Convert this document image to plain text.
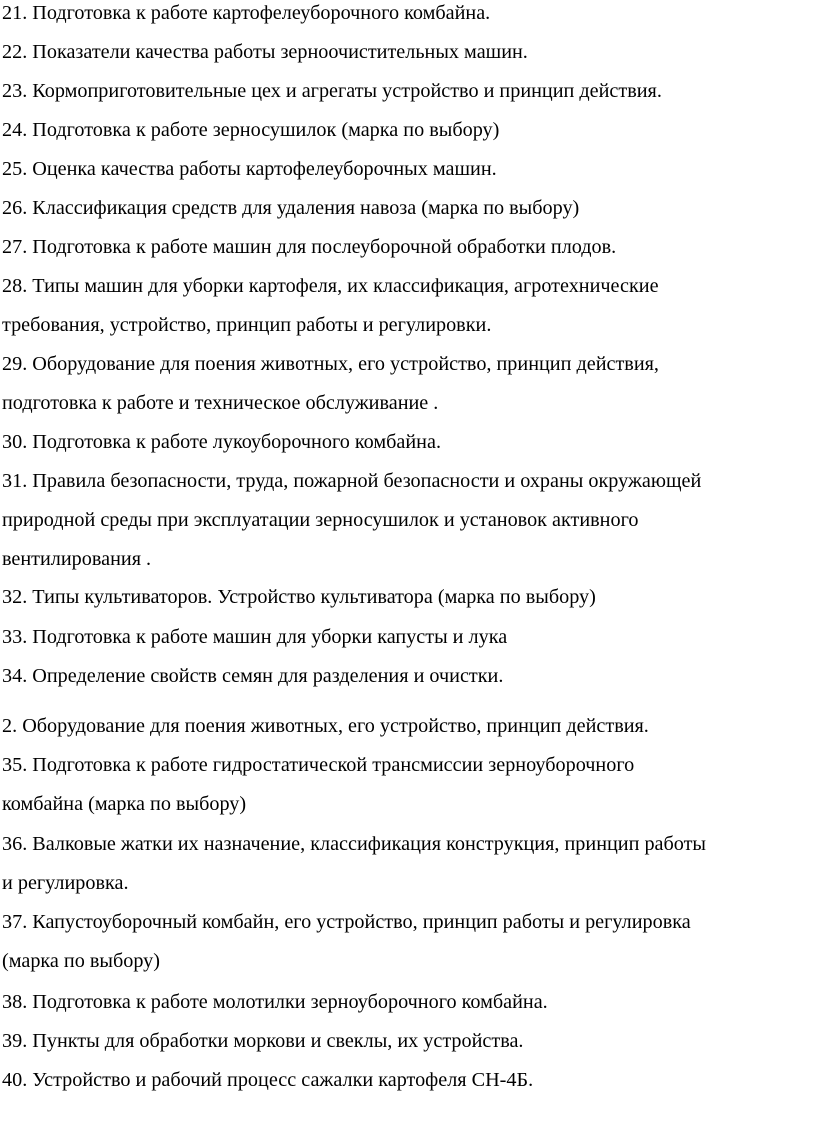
21. Подготовка к работе картофелеуборочного комбайна.
22. Показатели качества работы зерноочистительных машин.
23. Кормоприготовительные цех и агрегаты устройство и принцип действия.
24. Подготовка к работе зерносушилок (марка по выбору)
25. Оценка качества работы картофелеуборочных машин.
26. Классификация средств для удаления навоза (марка по выбору)
27. Подготовка к работе машин для послеуборочной обработки плодов.
28. Типы машин для уборки картофеля, их классификация, агротехнические
требования, устройство, принцип работы и регулировки.
29. Оборудование для поения животных, его устройство, принцип действия,
подготовка к работе и техническое обслуживание .
30. Подготовка к работе лукоуборочного комбайна.
31. Правила безопасности, труда, пожарной безопасности и охраны окружающей
природной среды при эксплуатации зерносушилок и установок активного
вентилирования .
32. Типы культиваторов. Устройство культиватора (марка по выбору)
33. Подготовка к работе машин для уборки капусты и лука
34. Определение свойств семян для разделения и очистки.
2. Оборудование для поения животных, его устройство, принцип действия.
35. Подготовка к работе гидростатической трансмиссии зерноуборочного
комбайна (марка по выбору)
36. Валковые жатки их назначение, классификация конструкция, принцип работы
и регулировка.
37. Капустоуборочный комбайн, его устройство, принцип работы и регулировка
(марка по выбору)
38. Подготовка к работе молотилки зерноуборочного комбайна.
39. Пункты для обработки моркови и свеклы, их устройства.
40. Устройство и рабочий процесс сажалки картофеля СН-4Б.
